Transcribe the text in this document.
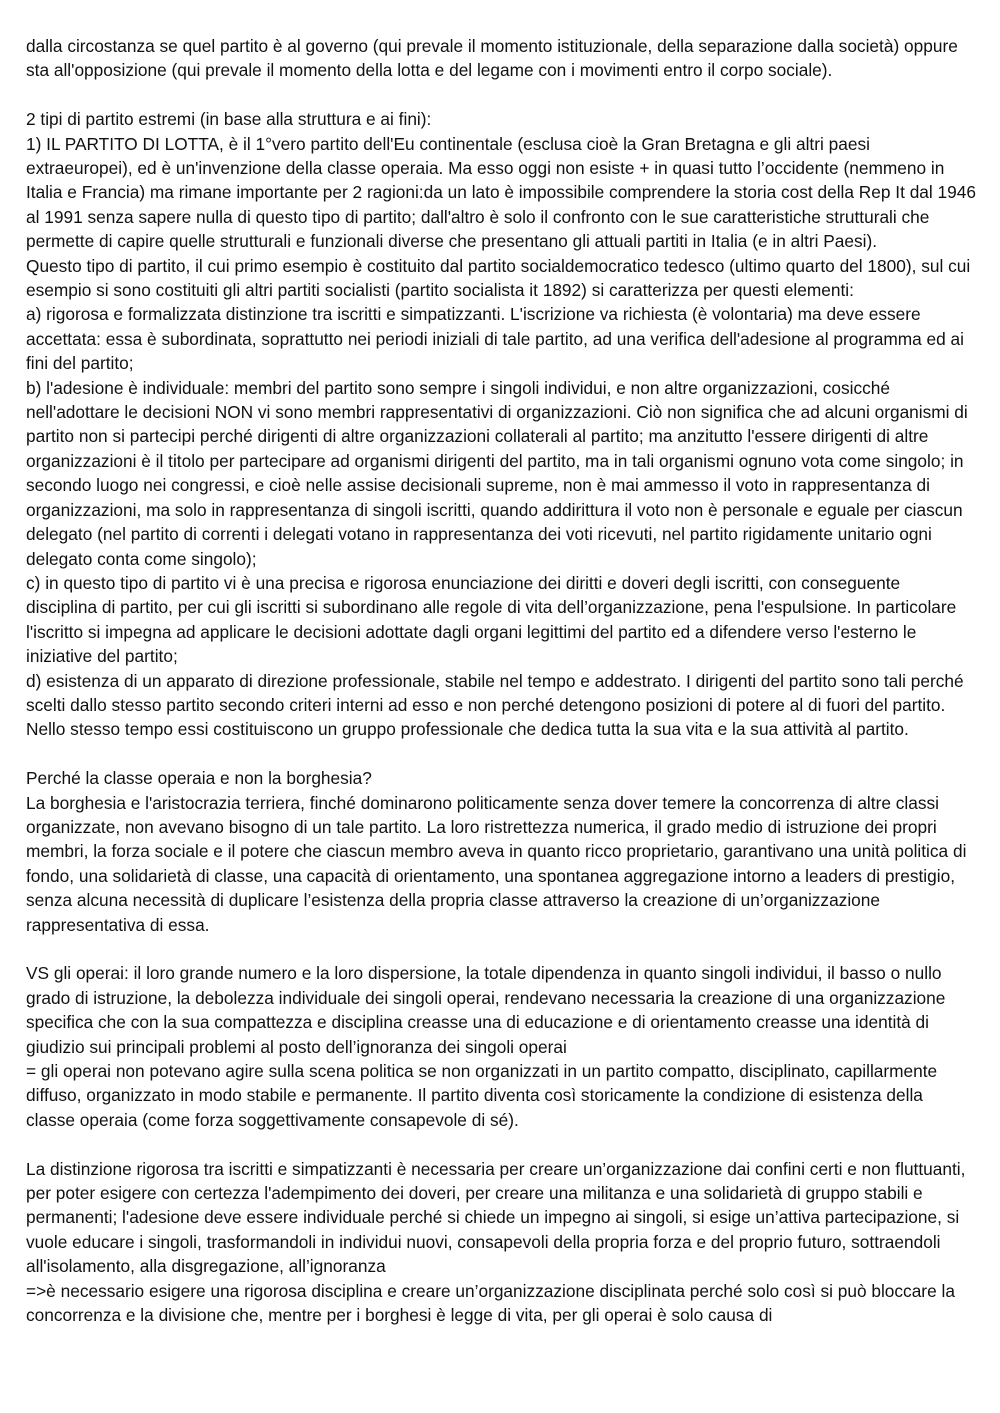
dalla circostanza se quel partito è al governo (qui prevale il momento istituzionale, della separazione dalla società) oppure sta all'opposizione (qui prevale il momento della lotta e del legame con i movimenti entro il corpo sociale).

2 tipi di partito estremi (in base alla struttura e ai fini):
1) IL PARTITO DI LOTTA, è il 1°vero partito dell'Eu continentale (esclusa cioè la Gran Bretagna e gli altri paesi extraeuropei), ed è un'invenzione della classe operaia. Ma esso oggi non esiste + in quasi tutto l’occidente (nemmeno in Italia e Francia) ma rimane importante per 2 ragioni:da un lato è impossibile comprendere la storia cost della Rep It dal 1946 al 1991 senza sapere nulla di questo tipo di partito; dall'altro è solo il confronto con le sue caratteristiche strutturali che permette di capire quelle strutturali e funzionali diverse che presentano gli attuali partiti in Italia (e in altri Paesi).
Questo tipo di partito, il cui primo esempio è costituito dal partito socialdemocratico tedesco (ultimo quarto del 1800), sul cui esempio si sono costituiti gli altri partiti socialisti (partito socialista it 1892) si caratterizza per questi elementi:
a) rigorosa e formalizzata distinzione tra iscritti e simpatizzanti. L'iscrizione va richiesta (è volontaria) ma deve essere accettata: essa è subordinata, soprattutto nei periodi iniziali di tale partito, ad una verifica dell'adesione al programma ed ai fini del partito;
b) l'adesione è individuale: membri del partito sono sempre i singoli individui, e non altre organizzazioni, cosicché nell'adottare le decisioni NON vi sono membri rappresentativi di organizzazioni. Ciò non significa che ad alcuni organismi di partito non si partecipi perché dirigenti di altre organizzazioni collaterali al partito; ma anzitutto l'essere dirigenti di altre organizzazioni è il titolo per partecipare ad organismi dirigenti del partito, ma in tali organismi ognuno vota come singolo; in secondo luogo nei congressi, e cioè nelle assise decisionali supreme, non è mai ammesso il voto in rappresentanza di organizzazioni, ma solo in rappresentanza di singoli iscritti, quando addirittura il voto non è personale e eguale per ciascun delegato (nel partito di correnti i delegati votano in rappresentanza dei voti ricevuti, nel partito rigidamente unitario ogni delegato conta come singolo);
c) in questo tipo di partito vi è una precisa e rigorosa enunciazione dei diritti e doveri degli iscritti, con conseguente disciplina di partito, per cui gli iscritti si subordinano alle regole di vita dell’organizzazione, pena l'espulsione. In particolare l'iscritto si impegna ad applicare le decisioni adottate dagli organi legittimi del partito ed a difendere verso l'esterno le iniziative del partito;
d) esistenza di un apparato di direzione professionale, stabile nel tempo e addestrato. I dirigenti del partito sono tali perché scelti dallo stesso partito secondo criteri interni ad esso e non perché detengono posizioni di potere al di fuori del partito. Nello stesso tempo essi costituiscono un gruppo professionale che dedica tutta la sua vita e la sua attività al partito.

Perché la classe operaia e non la borghesia?
La borghesia e l'aristocrazia terriera, finché dominarono politicamente senza dover temere la concorrenza di altre classi organizzate, non avevano bisogno di un tale partito. La loro ristrettezza numerica, il grado medio di istruzione dei propri membri, la forza sociale e il potere che ciascun membro aveva in quanto ricco proprietario, garantivano una unità politica di fondo, una solidarietà di classe, una capacità di orientamento, una spontanea aggregazione intorno a leaders di prestigio, senza alcuna necessità di duplicare l’esistenza della propria classe attraverso la creazione di un’organizzazione rappresentativa di essa.

VS gli operai: il loro grande numero e la loro dispersione, la totale dipendenza in quanto singoli individui, il basso o nullo grado di istruzione, la debolezza individuale dei singoli operai, rendevano necessaria la creazione di una organizzazione specifica che con la sua compattezza e disciplina creasse una di educazione e di orientamento creasse una identità di giudizio sui principali problemi al posto dell’ignoranza dei singoli operai
= gli operai non potevano agire sulla scena politica se non organizzati in un partito compatto, disciplinato, capillarmente diffuso, organizzato in modo stabile e permanente. Il partito diventa così storicamente la condizione di esistenza della classe operaia (come forza soggettivamente consapevole di sé).

La distinzione rigorosa tra iscritti e simpatizzanti è necessaria per creare un’organizzazione dai confini certi e non fluttuanti, per poter esigere con certezza l'adempimento dei doveri, per creare una militanza e una solidarietà di gruppo stabili e permanenti; l'adesione deve essere individuale perché si chiede un impegno ai singoli, si esige un’attiva partecipazione, si vuole educare i singoli, trasformandoli in individui nuovi, consapevoli della propria forza e del proprio futuro, sottraendoli all'isolamento, alla disgregazione, all’ignoranza
=>è necessario esigere una rigorosa disciplina e creare un’organizzazione disciplinata perché solo così si può bloccare la concorrenza e la divisione che, mentre per i borghesi è legge di vita, per gli operai è solo causa di
